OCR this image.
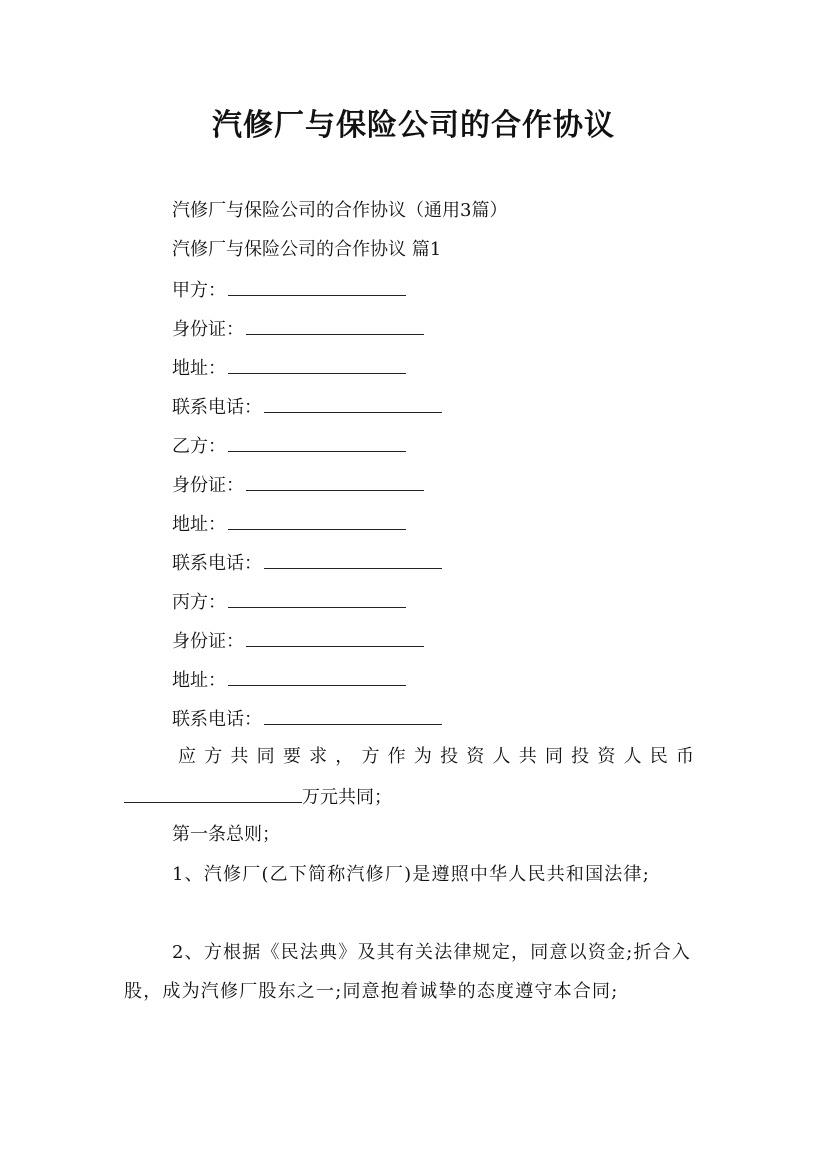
汽修厂与保险公司的合作协议
汽修厂与保险公司的合作协议（通用3篇）
汽修厂与保险公司的合作协议 篇1
甲方：
身份证：
地址：
联系电话：
乙方：
身份证：
地址：
联系电话：
丙方：
身份证：
地址：
联系电话：
应方共同要求，方作为投资人共同投资人民币
万元共同；
第一条总则；
1、汽修厂(乙下简称汽修厂)是遵照中华人民共和国法律;
2、方根据《民法典》及其有关法律规定，同意以资金;折合入股，成为汽修厂股东之一;同意抱着诚挚的态度遵守本合同;
